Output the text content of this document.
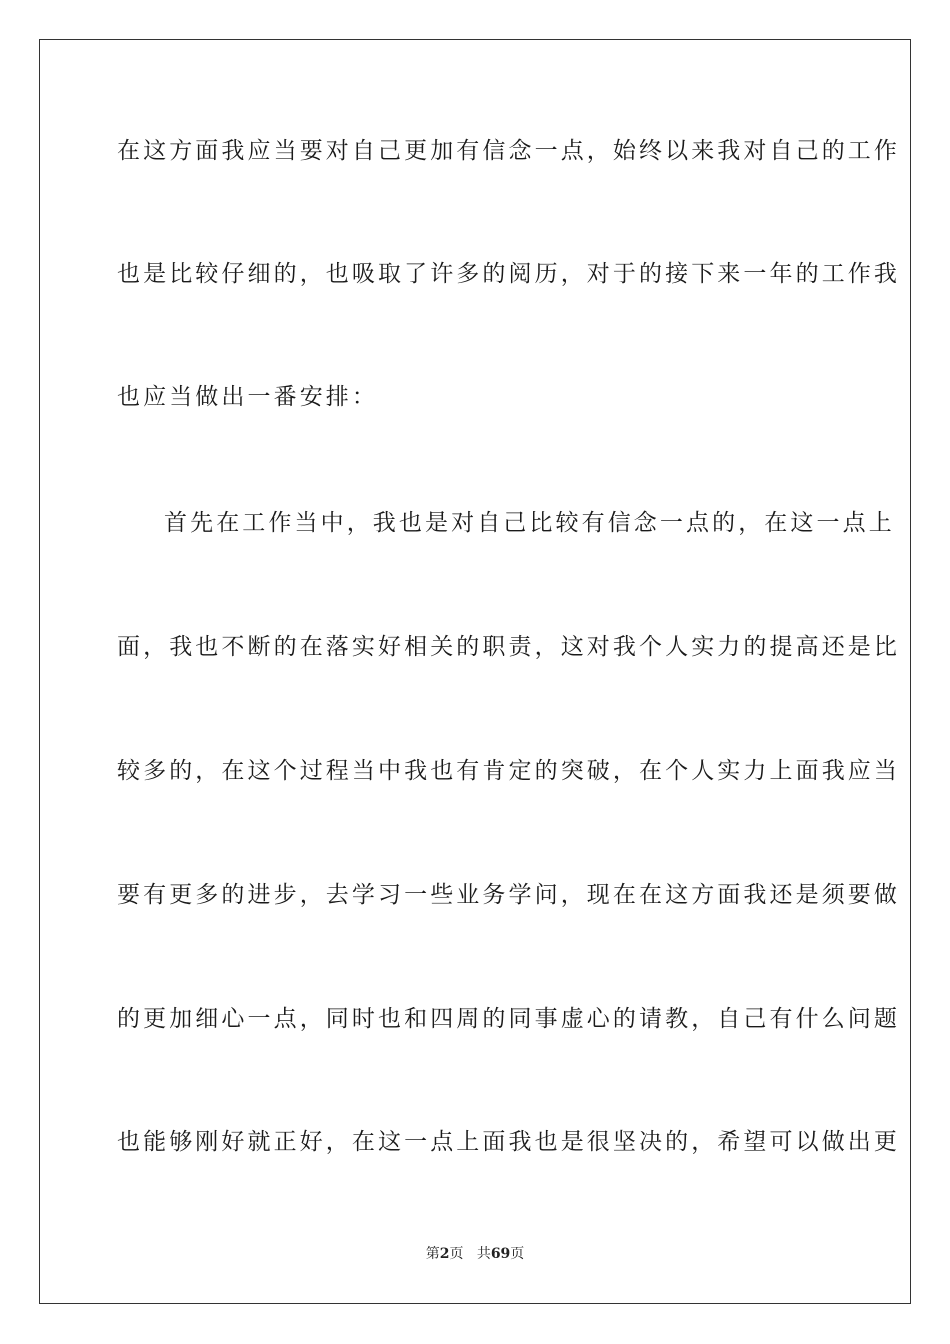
在这方面我应当要对自己更加有信念一点，始终以来我对自己的工作
也是比较仔细的，也吸取了许多的阅历，对于的接下来一年的工作我
也应当做出一番安排：
首先在工作当中，我也是对自己比较有信念一点的，在这一点上
面，我也不断的在落实好相关的职责，这对我个人实力的提高还是比
较多的，在这个过程当中我也有肯定的突破，在个人实力上面我应当
要有更多的进步，去学习一些业务学问，现在在这方面我还是须要做
的更加细心一点，同时也和四周的同事虚心的请教，自己有什么问题
也能够刚好就正好，在这一点上面我也是很坚决的，希望可以做出更
第2页 共69页
